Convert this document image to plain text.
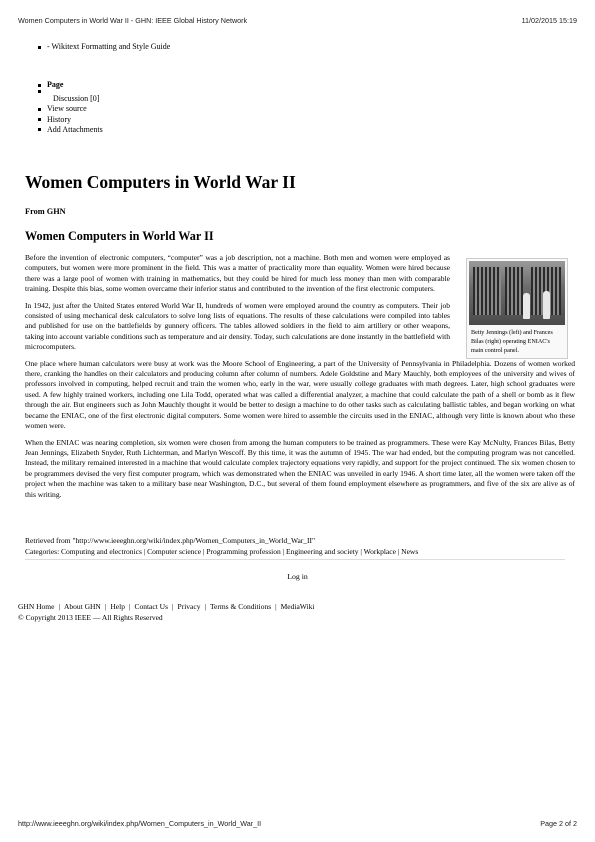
Women Computers in World War II - GHN: IEEE Global History Network	11/02/2015 15:19
- Wikitext Formatting and Style Guide
Page
Discussion [0]
View source
History
Add Attachments
Women Computers in World War II
From GHN
Women Computers in World War II
Betty Jennings (left) and Frances Bilas (right) operating ENIAC's main control panel.

Before the invention of electronic computers, “computer” was a job description, not a machine. Both men and women were employed as computers, but women were more prominent in the field. This was a matter of practicality more than equality. Women were hired because there was a large pool of women with training in mathematics, but they could be hired for much less money than men with comparable training. Despite this bias, some women overcame their inferior status and contributed to the invention of the first electronic computers.

In 1942, just after the United States entered World War II, hundreds of women were employed around the country as computers. Their job consisted of using mechanical desk calculators to solve long lists of equations. The results of these calculations were compiled into tables and published for use on the battlefields by gunnery officers. The tables allowed soldiers in the field to aim artillery or other weapons, taking into account variable conditions such as temperature and air density. Today, such calculations are done instantly in the battlefield with microcomputers.

One place where human calculators were busy at work was the Moore School of Engineering, a part of the University of Pennsylvania in Philadelphia. Dozens of women worked there, cranking the handles on their calculators and producing column after column of numbers. Adele Goldstine and Mary Mauchly, both employees of the university and wives of professors involved in computing, helped recruit and train the women who, early in the war, were usually college graduates with math degrees. Later, high school graduates were used. A few highly trained workers, including one Lila Todd, operated what was called a differential analyzer, a machine that could calculate the path of a shell or bomb as it flew through the air. But engineers such as John Mauchly thought it would be better to design a machine to do other tasks such as calculating ballistic tables, and began working on what became the ENIAC, one of the first electronic digital computers. Some women were hired to assemble the circuits used in the ENIAC, although very little is known about who these women were.

When the ENIAC was nearing completion, six women were chosen from among the human computers to be trained as programmers. These were Kay McNulty, Frances Bilas, Betty Jean Jennings, Elizabeth Snyder, Ruth Lichterman, and Marlyn Wescoff. By this time, it was the autumn of 1945. The war had ended, but the computing program was not cancelled. Instead, the military remained interested in a machine that would calculate complex trajectory equations very rapidly, and support for the project continued. The six women chosen to be programmers devised the very first computer program, which was demonstrated when the ENIAC was unveiled in early 1946. A short time later, all the women were taken off the project when the machine was taken to a military base near Washington, D.C., but several of them found employment elsewhere as programmers, and five of the six are alive as of this writing.

Retrieved from "http://www.ieeeghn.org/wiki/index.php/Women_Computers_in_World_War_II"
Categories: Computing and electronics | Computer science | Programming profession | Engineering and society | Workplace | News
Log in
GHN Home | About GHN | Help | Contact Us | Privacy | Terms & Conditions | MediaWiki
© Copyright 2013 IEEE — All Rights Reserved
http://www.ieeeghn.org/wiki/index.php/Women_Computers_in_World_War_II	Page 2 of 2
